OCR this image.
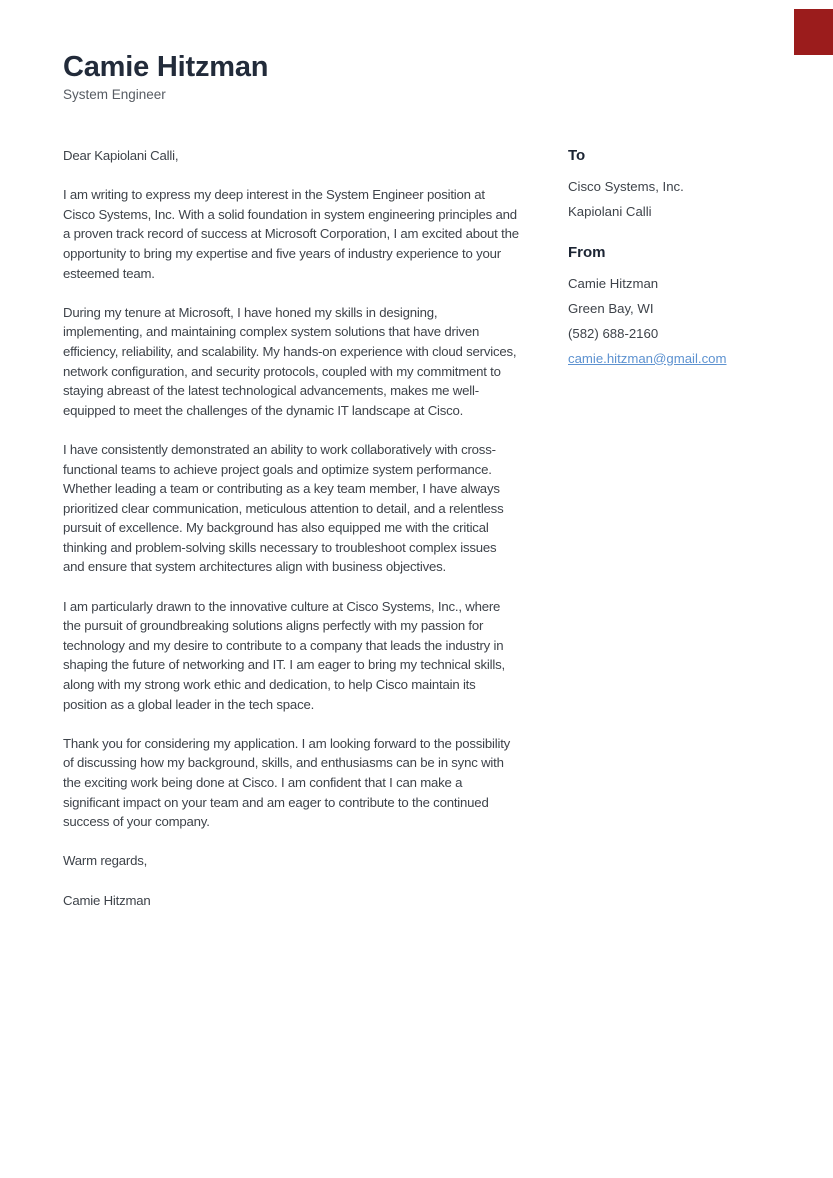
Camie Hitzman
System Engineer

Dear Kapiolani Calli,

I am writing to express my deep interest in the System Engineer position at Cisco Systems, Inc. With a solid foundation in system engineering principles and a proven track record of success at Microsoft Corporation, I am excited about the opportunity to bring my expertise and five years of industry experience to your esteemed team.

During my tenure at Microsoft, I have honed my skills in designing, implementing, and maintaining complex system solutions that have driven efficiency, reliability, and scalability. My hands-on experience with cloud services, network configuration, and security protocols, coupled with my commitment to staying abreast of the latest technological advancements, makes me well-equipped to meet the challenges of the dynamic IT landscape at Cisco.

I have consistently demonstrated an ability to work collaboratively with cross-functional teams to achieve project goals and optimize system performance. Whether leading a team or contributing as a key team member, I have always prioritized clear communication, meticulous attention to detail, and a relentless pursuit of excellence. My background has also equipped me with the critical thinking and problem-solving skills necessary to troubleshoot complex issues and ensure that system architectures align with business objectives.

I am particularly drawn to the innovative culture at Cisco Systems, Inc., where the pursuit of groundbreaking solutions aligns perfectly with my passion for technology and my desire to contribute to a company that leads the industry in shaping the future of networking and IT. I am eager to bring my technical skills, along with my strong work ethic and dedication, to help Cisco maintain its position as a global leader in the tech space.

Thank you for considering my application. I am looking forward to the possibility of discussing how my background, skills, and enthusiasms can be in sync with the exciting work being done at Cisco. I am confident that I can make a significant impact on your team and am eager to contribute to the continued success of your company.

Warm regards,

Camie Hitzman

To
Cisco Systems, Inc.
Kapiolani Calli
From
Camie Hitzman
Green Bay, WI
(582) 688-2160
camie.hitzman@gmail.com
